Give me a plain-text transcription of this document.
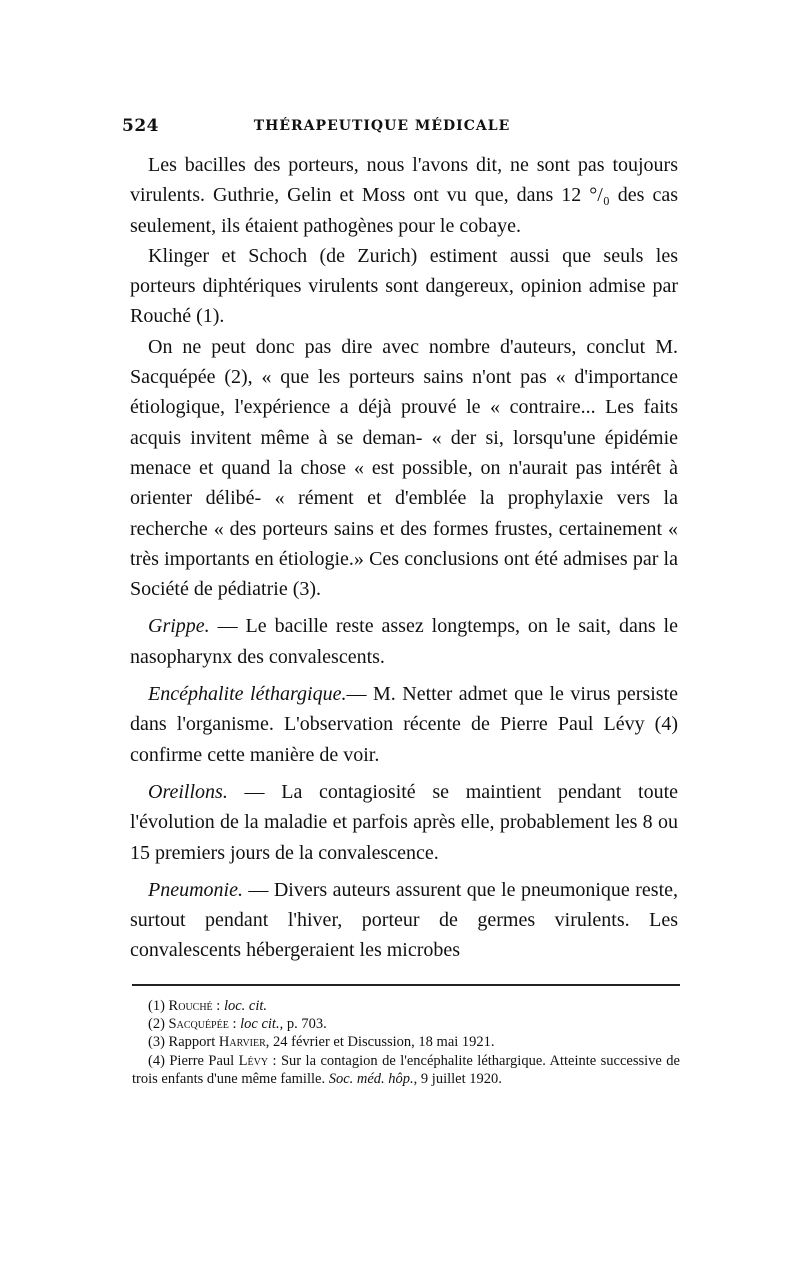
524	THÉRAPEUTIQUE MÉDICALE

Les bacilles des porteurs, nous l'avons dit, ne sont pas toujours virulents. Guthrie, Gelin et Moss ont vu que, dans 12 °/₀ des cas seulement, ils étaient pathogènes pour le cobaye.

Klinger et Schoch (de Zurich) estiment aussi que seuls les porteurs diphtériques virulents sont dangereux, opinion admise par Rouché (1).

On ne peut donc pas dire avec nombre d'auteurs, conclut M. Sacquépée (2), « que les porteurs sains n'ont pas « d'importance étiologique, l'expérience a déjà prouvé le « contraire... Les faits acquis invitent même à se deman- « der si, lorsqu'une épidémie menace et quand la chose « est possible, on n'aurait pas intérêt à orienter délibé- « rément et d'emblée la prophylaxie vers la recherche « des porteurs sains et des formes frustes, certainement « très importants en étiologie.» Ces conclusions ont été admises par la Société de pédiatrie (3).

Grippe. — Le bacille reste assez longtemps, on le sait, dans le nasopharynx des convalescents.

Encéphalite léthargique.— M. Netter admet que le virus persiste dans l'organisme. L'observation récente de Pierre Paul Lévy (4) confirme cette manière de voir.

Oreillons. — La contagiosité se maintient pendant toute l'évolution de la maladie et parfois après elle, probablement les 8 ou 15 premiers jours de la convalescence.

Pneumonie. — Divers auteurs assurent que le pneumonique reste, surtout pendant l'hiver, porteur de germes virulents. Les convalescents hébergeraient les microbes

(1) Rouché : loc. cit.

(2) Sacquépée : loc cit., p. 703.

(3) Rapport Harvier, 24 février et Discussion, 18 mai 1921.

(4) Pierre Paul Lévy : Sur la contagion de l'encéphalite léthargique. Atteinte successive de trois enfants d'une même famille. Soc. méd. hôp., 9 juillet 1920.
